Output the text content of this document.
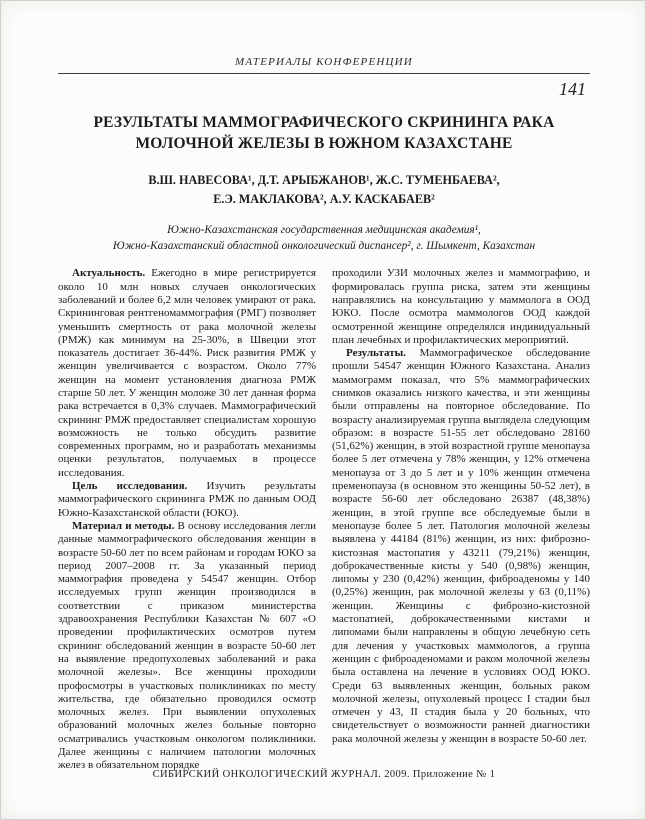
МАТЕРИАЛЫ КОНФЕРЕНЦИИ
141
РЕЗУЛЬТАТЫ МАММОГРАФИЧЕСКОГО СКРИНИНГА РАКА
МОЛОЧНОЙ ЖЕЛЕЗЫ В ЮЖНОМ КАЗАХСТАНЕ
В.Ш. НАВЕСОВА¹, Д.Т. АРЫБЖАНОВ¹, Ж.С. ТУМЕНБАЕВА²,
Е.Э. МАКЛАКОВА², А.У. КАСКАБАЕВ²
Южно-Казахстанская государственная медицинская академия¹,
Южно-Казахстанский областной онкологический диспансер², г. Шымкент, Казахстан

Актуальность. Ежегодно в мире регистрируется около 10 млн новых случаев онкологических заболеваний и более 6,2 млн человек умирают от рака. Скрининговая рентгеномаммография (РМГ) позволяет уменьшить смертность от рака молочной железы (РМЖ) как минимум на 25-30%, в Швеции этот показатель достигает 36-44%. Риск развития РМЖ у женщин увеличивается с возрастом. Около 77% женщин на момент установления диагноза РМЖ старше 50 лет. У женщин моложе 30 лет данная форма рака встречается в 0,3% случаев. Маммографический скрининг РМЖ предоставляет специалистам хорошую возможность не только обсудить развитие современных программ, но и разработать механизмы оценки результатов, получаемых в процессе исследования.

Цель исследования. Изучить результаты маммографического скрининга РМЖ по данным ООД Южно-Казахстанской области (ЮКО).

Материал и методы. В основу исследования легли данные маммографического обследования женщин в возрасте 50-60 лет по всем районам и городам ЮКО за период 2007–2008 гг. За указанный период маммография проведена у 54547 женщин. Отбор исследуемых групп женщин производился в соответствии с приказом министерства здравоохранения Республики Казахстан № 607 «О проведении профилактических осмотров путем скрининг обследований женщин в возрасте 50-60 лет на выявление предопухолевых заболеваний и рака молочной железы». Все женщины проходили профосмотры в участковых поликлиниках по месту жительства, где обязательно проводился осмотр молочных желез. При выявлении опухолевых образований молочных желез больные повторно осматривались участковым онкологом поликлиники. Далее женщины с наличием патологии молочных желез в обязательном порядке

проходили УЗИ молочных желез и маммографию, и формировалась группа риска, затем эти женщины направлялись на консультацию у маммолога в ООД ЮКО. После осмотра маммологов ООД каждой осмотренной женщине определялся индивидуальный план лечебных и профилактических мероприятий.

Результаты. Маммографическое обследование прошли 54547 женщин Южного Казахстана. Анализ маммограмм показал, что 5% маммографических снимков оказались низкого качества, и эти женщины были отправлены на повторное обследование. По возрасту анализируемая группа выглядела следующим образом: в возрасте 51-55 лет обследовано 28160 (51,62%) женщин, в этой возрастной группе менопауза более 5 лет отмечена у 78% женщин, у 12% отмечена менопауза от 3 до 5 лет и у 10% женщин отмечена пременопауза (в основном это женщины 50-52 лет), в возрасте 56-60 лет обследовано 26387 (48,38%) женщин, в этой группе все обследуемые были в менопаузе более 5 лет. Патология молочной железы выявлена у 44184 (81%) женщин, из них: фиброзно-кистозная мастопатия у 43211 (79,21%) женщин, доброкачественные кисты у 540 (0,98%) женщин, липомы у 230 (0,42%) женщин, фиброаденомы у 140 (0,25%) женщин, рак молочной железы у 63 (0,11%) женщин. Женщины с фиброзно-кистозной мастопатией, доброкачественными кистами и липомами были направлены в общую лечебную сеть для лечения у участковых маммологов, а группа женщин с фиброаденомами и раком молочной железы была оставлена на лечение в условиях ООД ЮКО. Среди 63 выявленных женщин, больных раком молочной железы, опухолевый процесс I стадии был отмечен у 43, II стадия была у 20 больных, что свидетельствует о возможности ранней диагностики рака молочной железы у женщин в возрасте 50-60 лет.

СИБИРСКИЙ ОНКОЛОГИЧЕСКИЙ ЖУРНАЛ. 2009. Приложение № 1
